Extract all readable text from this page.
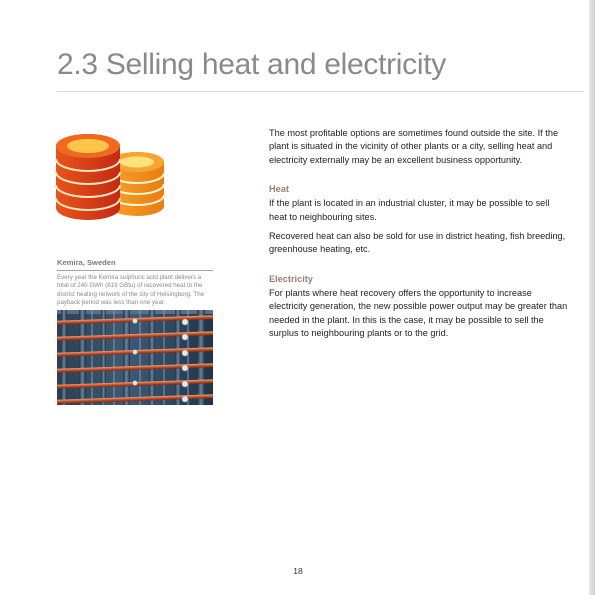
2.3 Selling heat and electricity

Kemira, Sweden

Every year the Kemira sulphuric acid plant delivers a total of 240 GWh (819 GBtu) of recovered heat to the district heating network of the city of Helsingborg. The payback period was less than one year.

The most profitable options are sometimes found outside the site. If the plant is situated in the vicinity of other plants or a city, selling heat and electricity externally may be an excellent business opportunity.

Heat

If the plant is located in an industrial cluster, it may be possible to sell heat to neighbouring sites.

Recovered heat can also be sold for use in district heating, fish breeding, greenhouse heating, etc.

Electricity

For plants where heat recovery offers the opportunity to increase electricity generation, the new possible power output may be greater than needed in the plant. In this is the case, it may be possible to sell the surplus to neighbouring plants or to the grid.

18
